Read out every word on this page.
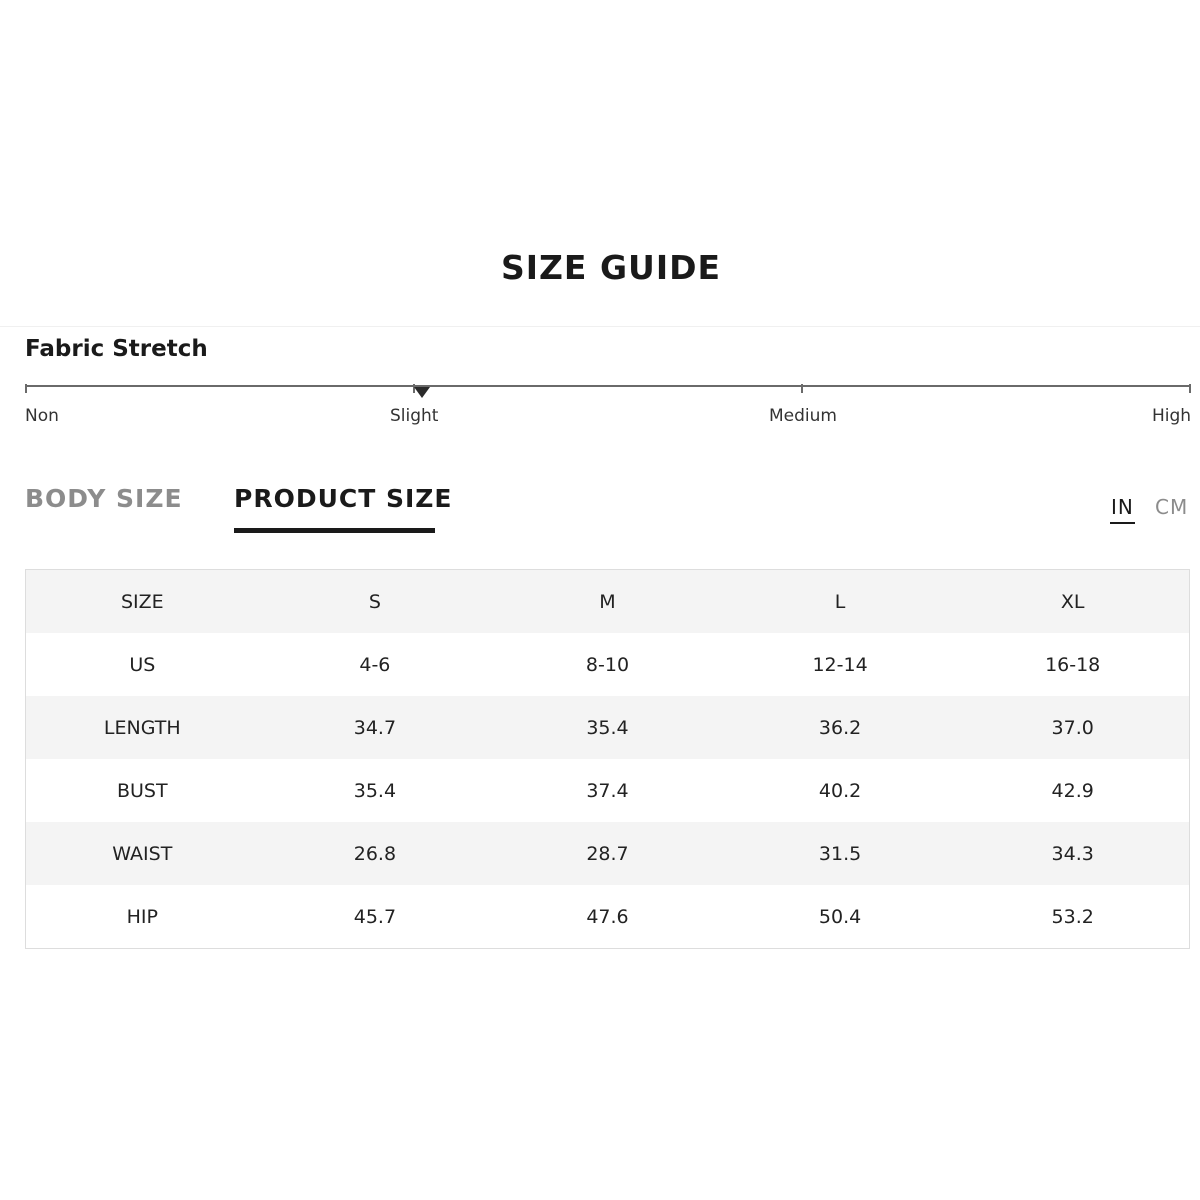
SIZE GUIDE
Fabric Stretch
Non	Slight	Medium	High
BODY SIZE PRODUCT SIZE	IN CM
SIZE	S	M	L	XL
US	4-6	8-10	12-14	16-18
LENGTH	34.7	35.4	36.2	37.0
BUST	35.4	37.4	40.2	42.9
WAIST	26.8	28.7	31.5	34.3
HIP	45.7	47.6	50.4	53.2
